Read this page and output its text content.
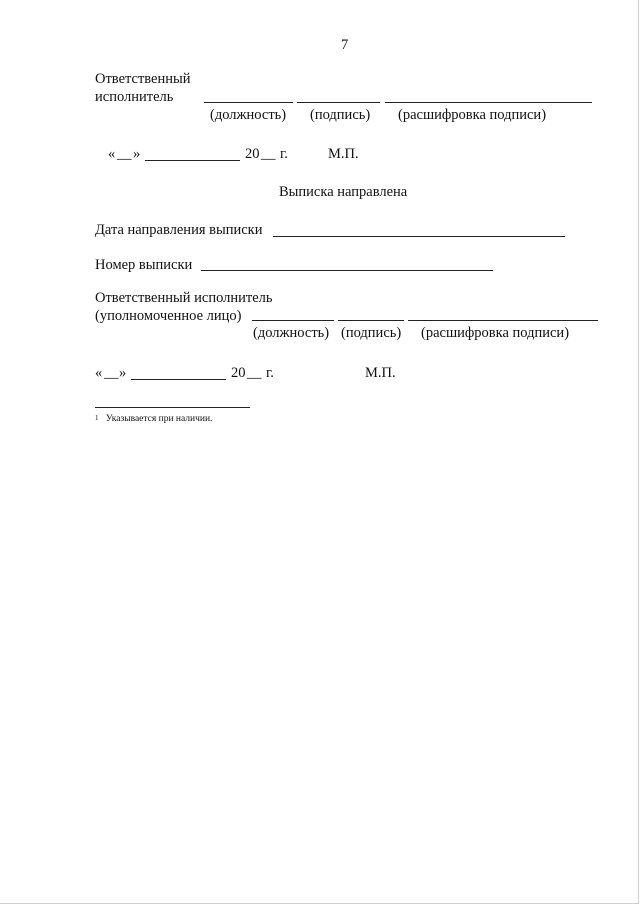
7
Ответственный
исполнитель
(должность) (подпись) (расшифровка подписи)
« __ »	20 __ г.	М.П.
Выписка направлена
Дата направления выписки
Номер выписки
Ответственный исполнитель
(уполномоченное лицо)
(должность) (подпись) (расшифровка подписи)
« __ »	20 __ г.	М.П.
$^1$ Указывается при наличии.
